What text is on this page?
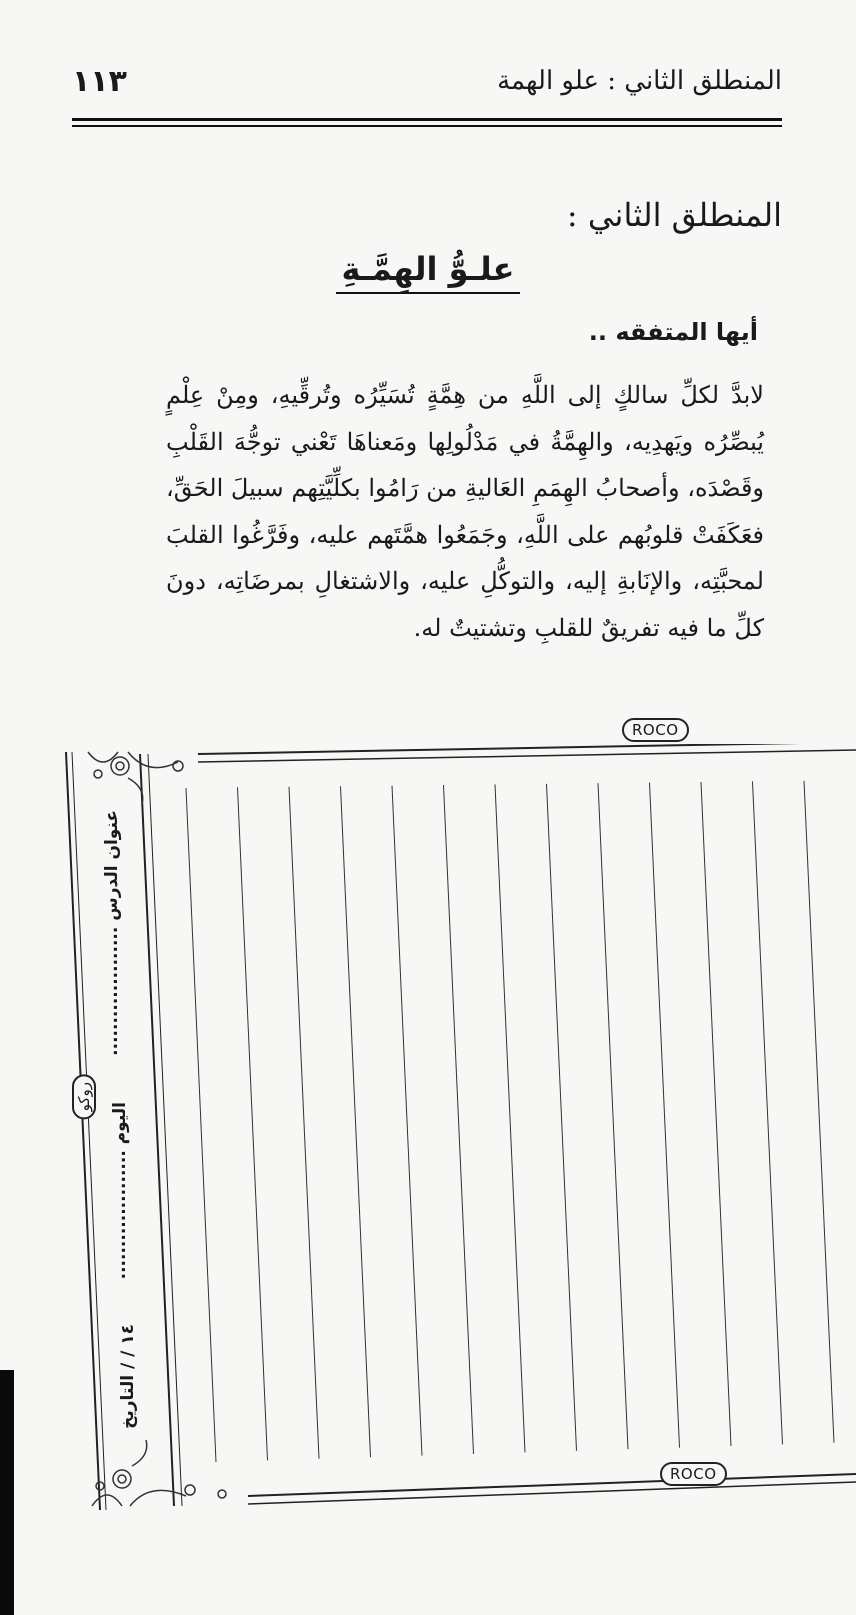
١١٣	المنطلق الثاني : علو الهمة
المنطلق الثاني :
علـوُّ الهِمَّـةِ
أيها المتفقه ..
لابدَّ لكلِّ سالكٍ إلى اللَّهِ من هِمَّةٍ تُسَيِّرُه وتُرقِّيهِ، ومِنْ عِلْمٍ يُبصِّرُه ويَهدِيه، والهِمَّةُ في مَدْلُولِها ومَعناهَا تَعْني توجُّهَ القَلْبِ وقَصْدَه، وأصحابُ الهِمَمِ العَاليةِ من رَامُوا بكلِّيَّتِهم سبيلَ الحَقِّ، فعَكَفَتْ قلوبُهم على اللَّهِ، وجَمَعُوا همَّتَهم عليه، وفَرَّغُوا القلبَ لمحبَّتِه، والإنَابةِ إليه، والتوكُّلِ عليه، والاشتغالِ بمرضَاتِه، دونَ كلِّ ما فيه تفريقٌ للقلبِ وتشتيتٌ له.
ROCO
ROCO
روكو
عنوان الدرس ....................
اليوم ....................
١٤ / / التاريخ
